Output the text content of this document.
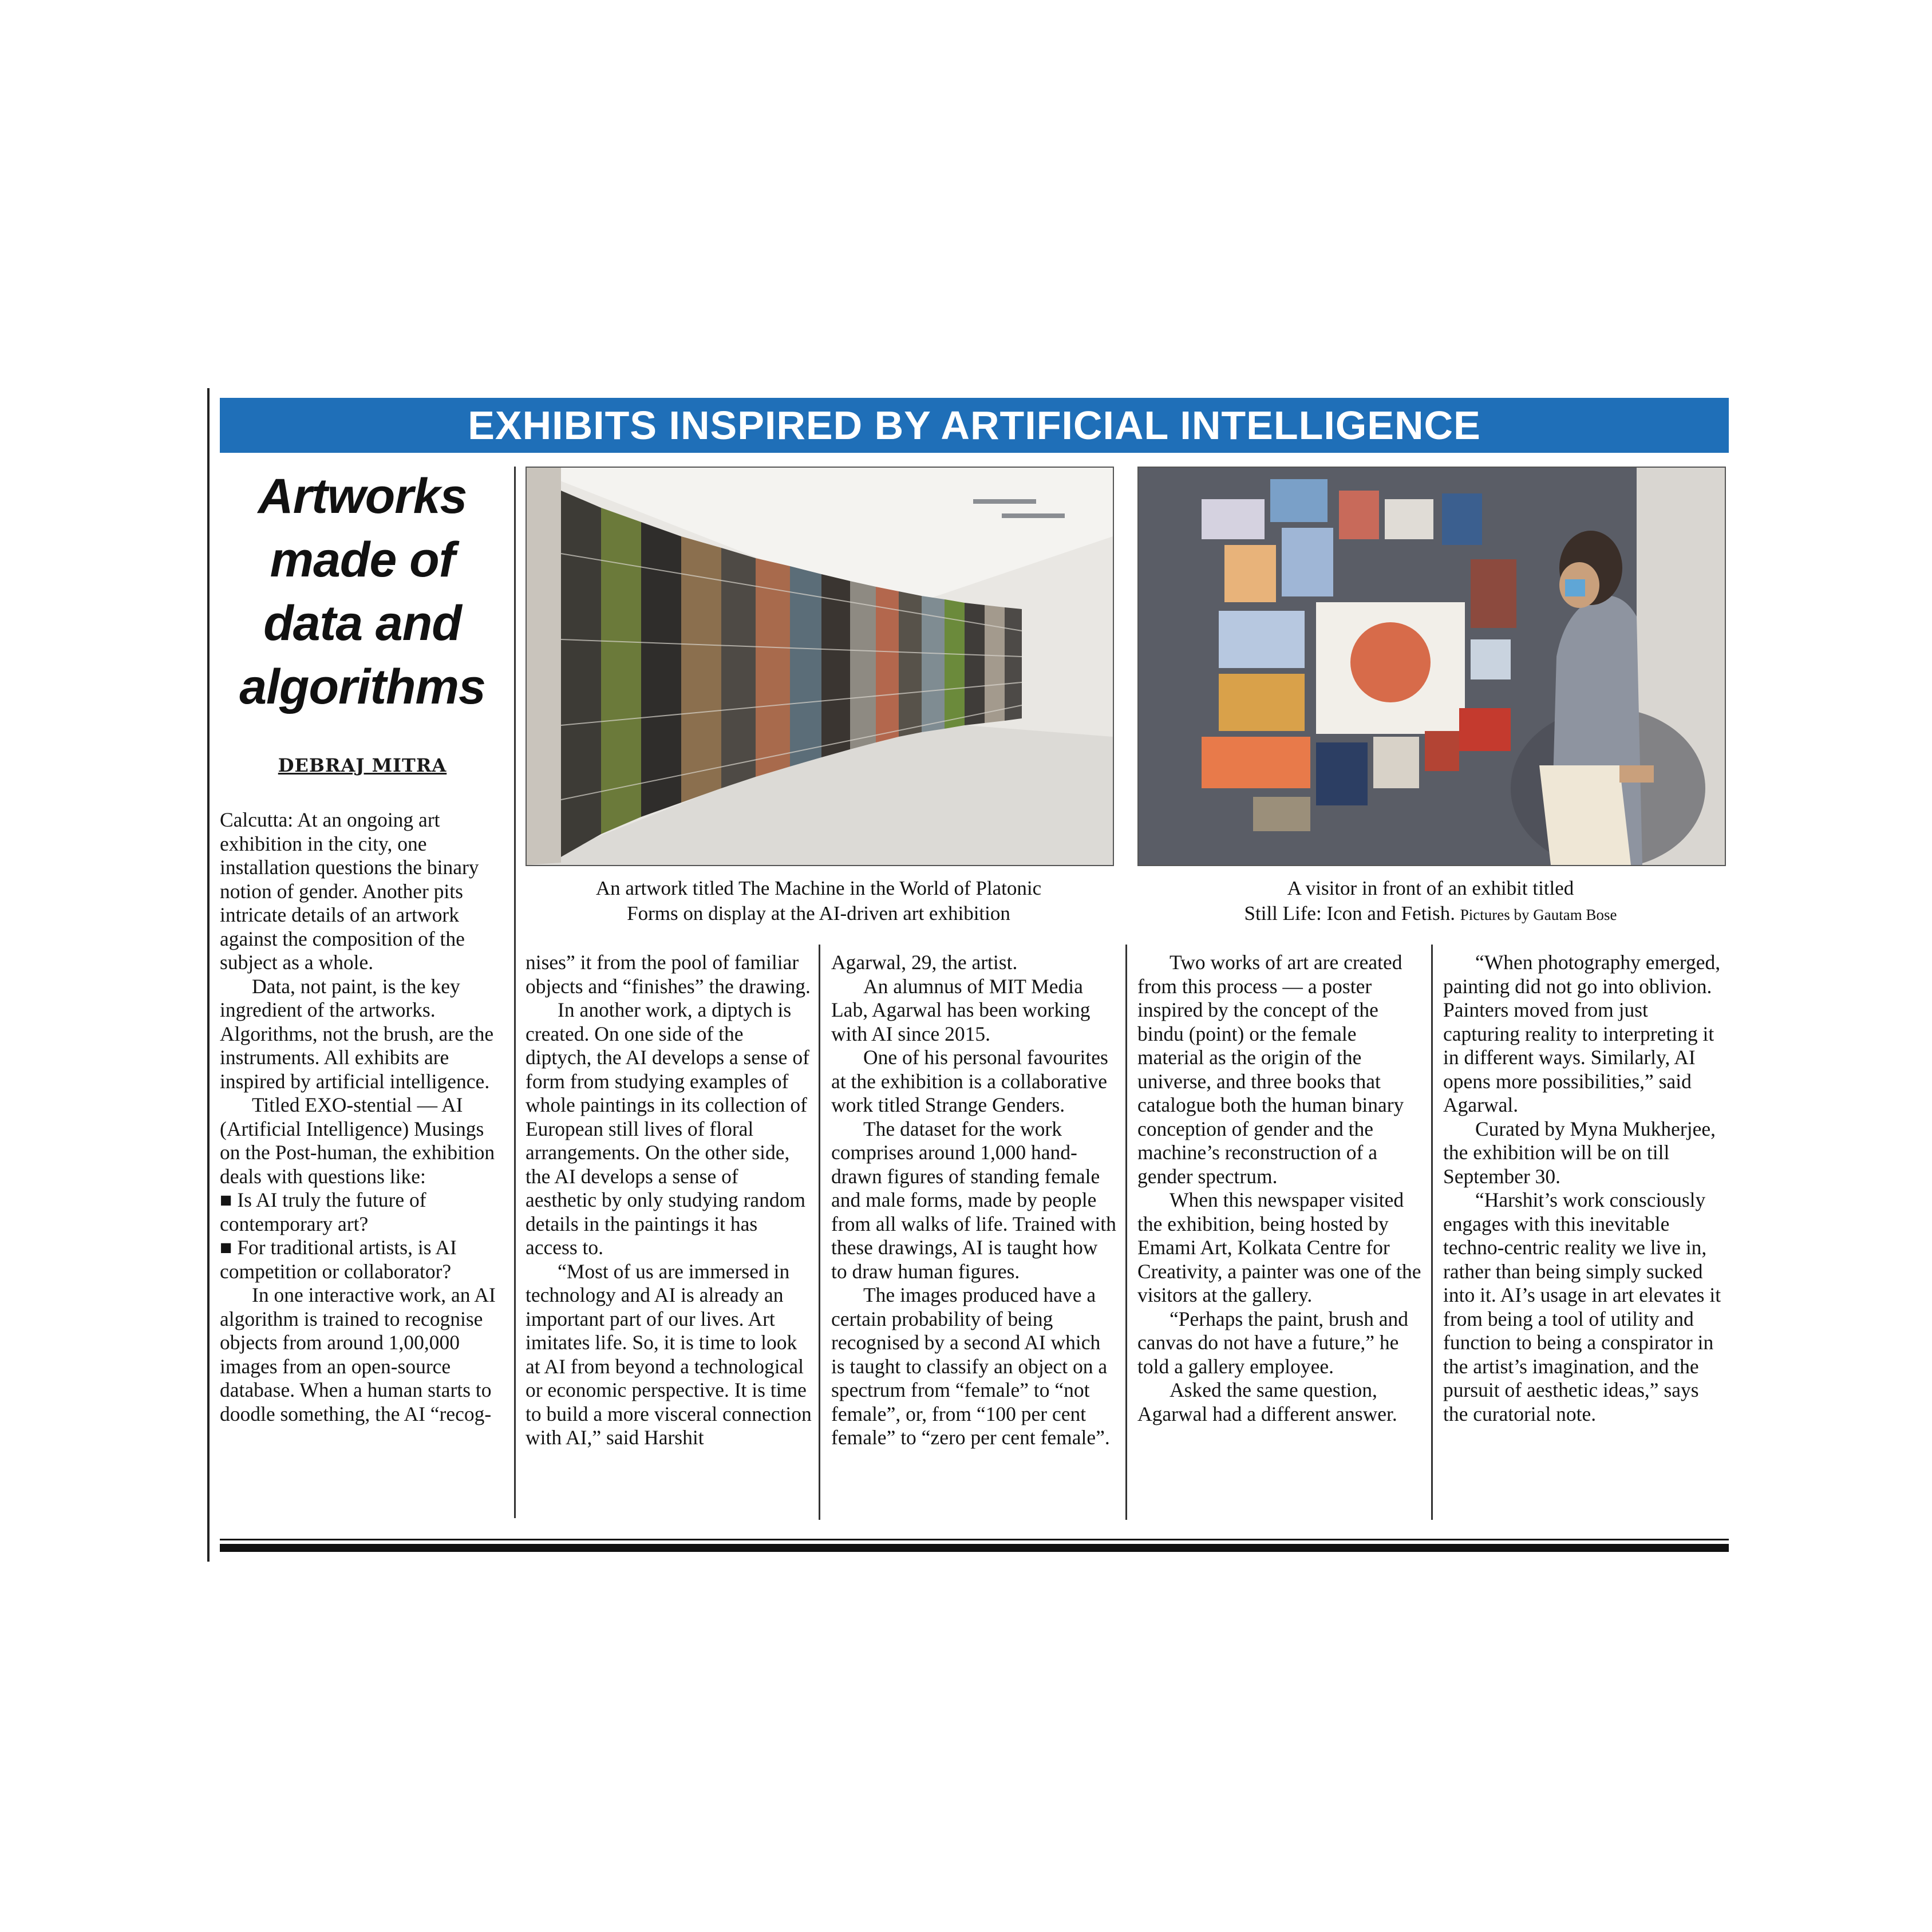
EXHIBITS INSPIRED BY ARTIFICIAL INTELLIGENCE
Artworks
made of
data and
algorithms
DEBRAJ MITRA
An artwork titled The Machine in the World of Platonic
Forms on display at the AI-driven art exhibition
A visitor in front of an exhibit titled
Still Life: Icon and Fetish. Pictures by Gautam Bose

Calcutta: At an ongoing art exhibition in the city, one installation questions the binary notion of gender. Another pits intricate details of an artwork against the composition of the subject as a whole.

Data, not paint, is the key ingredient of the artworks. Algorithms, not the brush, are the instruments. All exhibits are inspired by artificial intelligence.

Titled EXO-stential — AI (Artificial Intelligence) Musings on the Post-human, the exhibition deals with questions like:

■ Is AI truly the future of contemporary art?

■ For traditional artists, is AI competition or collaborator?

In one interactive work, an AI algorithm is trained to recognise objects from around 1,00,000 images from an open-source database. When a human starts to doodle something, the AI “recog-

nises” it from the pool of familiar objects and “finishes” the drawing.

In another work, a diptych is created. On one side of the diptych, the AI develops a sense of form from studying examples of whole paintings in its collection of European still lives of floral arrangements. On the other side, the AI develops a sense of aesthetic by only studying random details in the paintings it has access to.

“Most of us are immersed in technology and AI is already an important part of our lives. Art imitates life. So, it is time to look at AI from beyond a technological or economic perspective. It is time to build a more visceral connection with AI,” said Harshit

Agarwal, 29, the artist.

An alumnus of MIT Media Lab, Agarwal has been working with AI since 2015.

One of his personal favourites at the exhibition is a collaborative work titled Strange Genders.

The dataset for the work comprises around 1,000 hand-drawn figures of standing female and male forms, made by people from all walks of life. Trained with these drawings, AI is taught how to draw human figures.

The images produced have a certain probability of being recognised by a second AI which is taught to classify an object on a spectrum from “female” to “not female”, or, from “100 per cent female” to “zero per cent female”.

Two works of art are created from this process — a poster inspired by the concept of the bindu (point) or the female material as the origin of the universe, and three books that catalogue both the human binary conception of gender and the machine’s reconstruction of a gender spectrum.

When this newspaper visited the exhibition, being hosted by Emami Art, Kolkata Centre for Creativity, a painter was one of the visitors at the gallery.

“Perhaps the paint, brush and canvas do not have a future,” he told a gallery employee.

Asked the same question, Agarwal had a different answer.

“When photography emerged, painting did not go into oblivion. Painters moved from just capturing reality to interpreting it in different ways. Similarly, AI opens more possibilities,” said Agarwal.

Curated by Myna Mukherjee, the exhibition will be on till September 30.

“Harshit’s work consciously engages with this inevitable techno-centric reality we live in, rather than being simply sucked into it. AI’s usage in art elevates it from being a tool of utility and function to being a conspirator in the artist’s imagination, and the pursuit of aesthetic ideas,” says the curatorial note.
